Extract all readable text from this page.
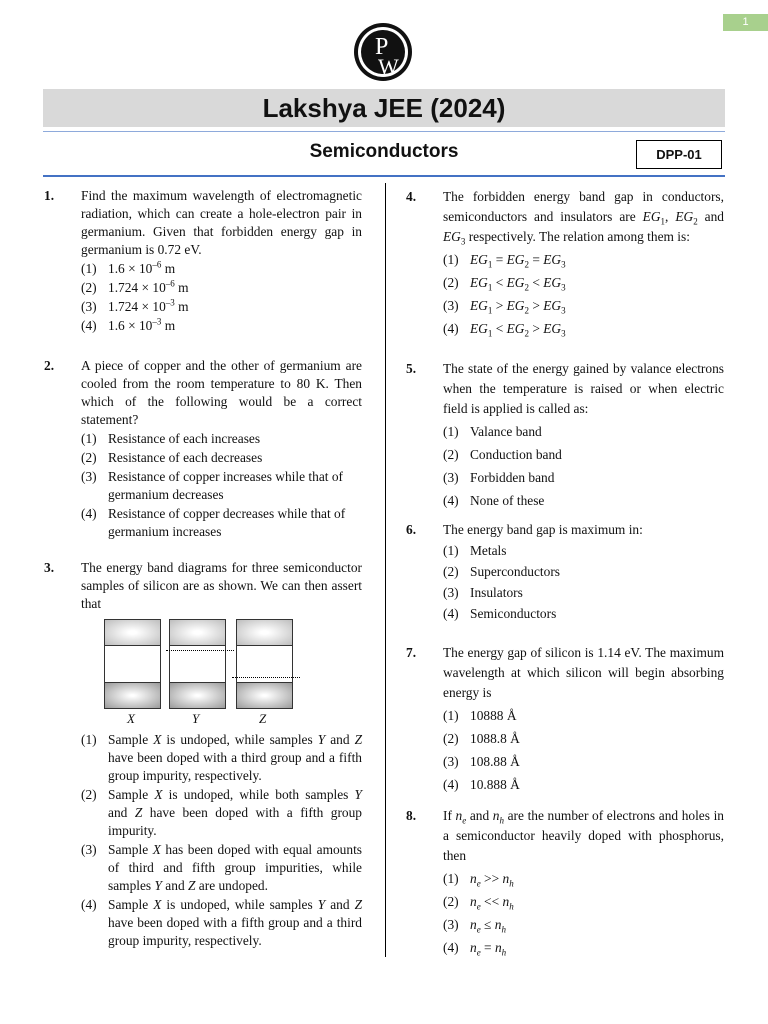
1
P
W
Lakshya JEE (2024)
Semiconductors	DPP-01
1. Find the maximum wavelength of electromagnetic radiation, which can create a hole-electron pair in germanium. Given that forbidden energy gap in germanium is 0.72 eV.
(1) $1.6 \times 10^{-6}$ m
(2) $1.724 \times 10^{-6}$ m
(3) $1.724 \times 10^{-3}$ m
(4) $1.6 \times 10^{-3}$ m
2. A piece of copper and the other of germanium are cooled from the room temperature to 80 K. Then which of the following would be a correct statement?
(1) Resistance of each increases
(2) Resistance of each decreases
(3) Resistance of copper increases while that of germanium decreases
(4) Resistance of copper decreases while that of germanium increases
3. The energy band diagrams for three semiconductor samples of silicon are as shown. We can then assert that
X	Y	Z
(1) Sample X is undoped, while samples Y and Z have been doped with a third group and a fifth group impurity, respectively.
(2) Sample X is undoped, while both samples Y and Z have been doped with a fifth group impurity.
(3) Sample X has been doped with equal amounts of third and fifth group impurities, while samples Y and Z are undoped.
(4) Sample X is undoped, while samples Y and Z have been doped with a fifth group and a third group impurity, respectively.
4. The forbidden energy band gap in conductors, semiconductors and insulators are $EG_1$, $EG_2$ and $EG_3$ respectively. The relation among them is:
(1) $EG_1 = EG_2 = EG_3$
(2) $EG_1 < EG_2 < EG_3$
(3) $EG_1 > EG_2 > EG_3$
(4) $EG_1 < EG_2 > EG_3$
5. The state of the energy gained by valance electrons when the temperature is raised or when electric field is applied is called as:
(1) Valance band
(2) Conduction band
(3) Forbidden band
(4) None of these
6. The energy band gap is maximum in:
(1) Metals
(2) Superconductors
(3) Insulators
(4) Semiconductors
7. The energy gap of silicon is 1.14 eV. The maximum wavelength at which silicon will begin absorbing energy is
(1) 10888 Å
(2) 1088.8 Å
(3) 108.88 Å
(4) 10.888 Å
8. If $n_e$ and $n_h$ are the number of electrons and holes in a semiconductor heavily doped with phosphorus, then
(1) $n_e >> n_h$
(2) $n_e << n_h$
(3) $n_e \le n_h$
(4) $n_e = n_h$
